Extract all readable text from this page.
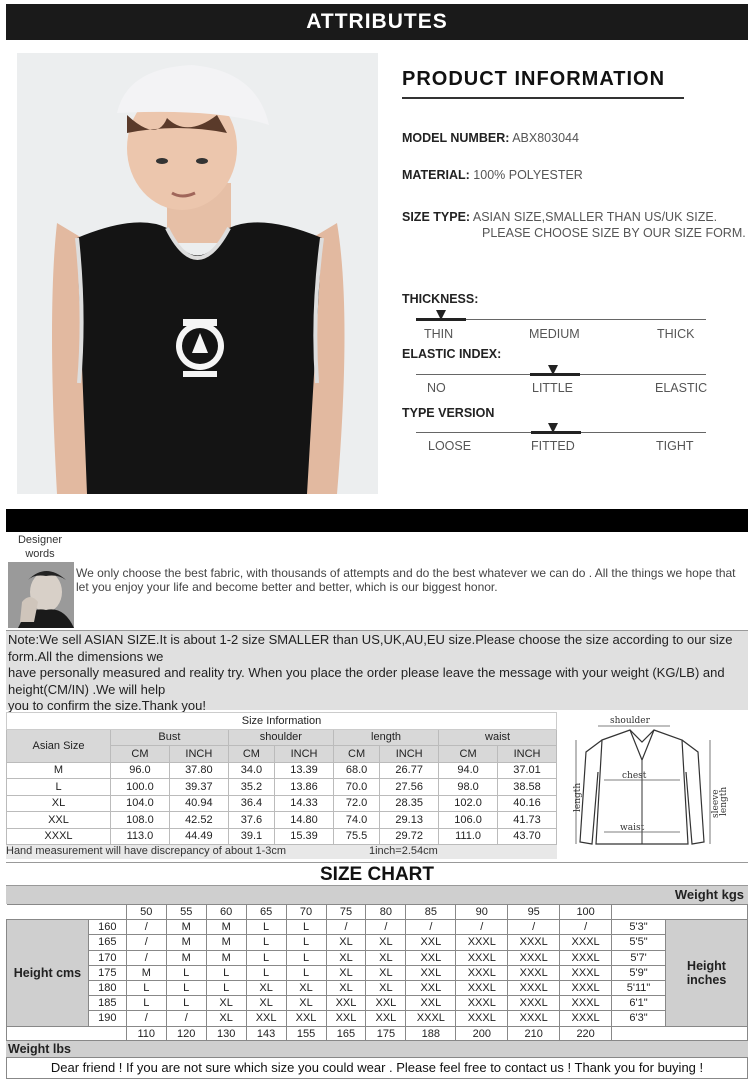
ATTRIBUTES
PRODUCT INFORMATION
MODEL NUMBER: ABX803044
MATERIAL: 100% POLYESTER
SIZE TYPE: ASIAN SIZE,SMALLER THAN US/UK SIZE.
PLEASE CHOOSE SIZE BY OUR SIZE FORM.
THICKNESS:
THIN	MEDIUM	THICK
ELASTIC INDEX:
NO	LITTLE	ELASTIC
TYPE VERSION
LOOSE	FITTED	TIGHT
Designer words
We only choose the best fabric, with thousands of attempts and do the best whatever we can do . All the things we hope that let you enjoy your life and become better and better, which is our biggest honor.
Note:We sell ASIAN SIZE.It is about 1-2 size SMALLER than US,UK,AU,EU size.Please choose the size according to our size form.All the dimensions we
have personally measured and reality try. When you place the order please leave the message with your weight (KG/LB) and height(CM/IN) .We will help
you to confirm the size.Thank you!
Size Information								
Asian Size	Bust		shoulder		length		waist	
	CM	INCH	CM	INCH	CM	INCH	CM	INCH
M	96.0	37.80	34.0	13.39	68.0	26.77	94.0	37.01
L	100.0	39.37	35.2	13.86	70.0	27.56	98.0	38.58
XL	104.0	40.94	36.4	14.33	72.0	28.35	102.0	40.16
XXL	108.0	42.52	37.6	14.80	74.0	29.13	106.0	41.73
XXXL	113.0	44.49	39.1	15.39	75.5	29.72	111.0	43.70
Hand measurement will have discrepancy of about 1-3cm	1inch=2.54cm
shoulder
chest
waist
length	sleeve
length
SIZE CHART
Weight kgs
		50	55	60	65	70	75	80	85	90	95	100		
Height cms	160	/	M	M	L	L	/	/	/	/	/	/	5'3"	Height inches
	165	/	M	M	L	L	XL	XL	XXL	XXXL	XXXL	XXXL	5'5"	
	170	/	M	M	L	L	XL	XL	XXL	XXXL	XXXL	XXXL	5'7'	
	175	M	L	L	L	L	XL	XL	XXL	XXXL	XXXL	XXXL	5'9"	
	180	L	L	L	XL	XL	XL	XL	XXL	XXXL	XXXL	XXXL	5'11"	
	185	L	L	XL	XL	XL	XXL	XXL	XXL	XXXL	XXXL	XXXL	6'1"	
	190	/	/	XL	XXL	XXL	XXL	XXL	XXXL	XXXL	XXXL	XXXL	6'3"	
		110	120	130	143	155	165	175	188	200	210	220		
Weight lbs
Dear friend ! If you are not sure which size you could wear . Please feel free to contact us ! Thank you for buying !
